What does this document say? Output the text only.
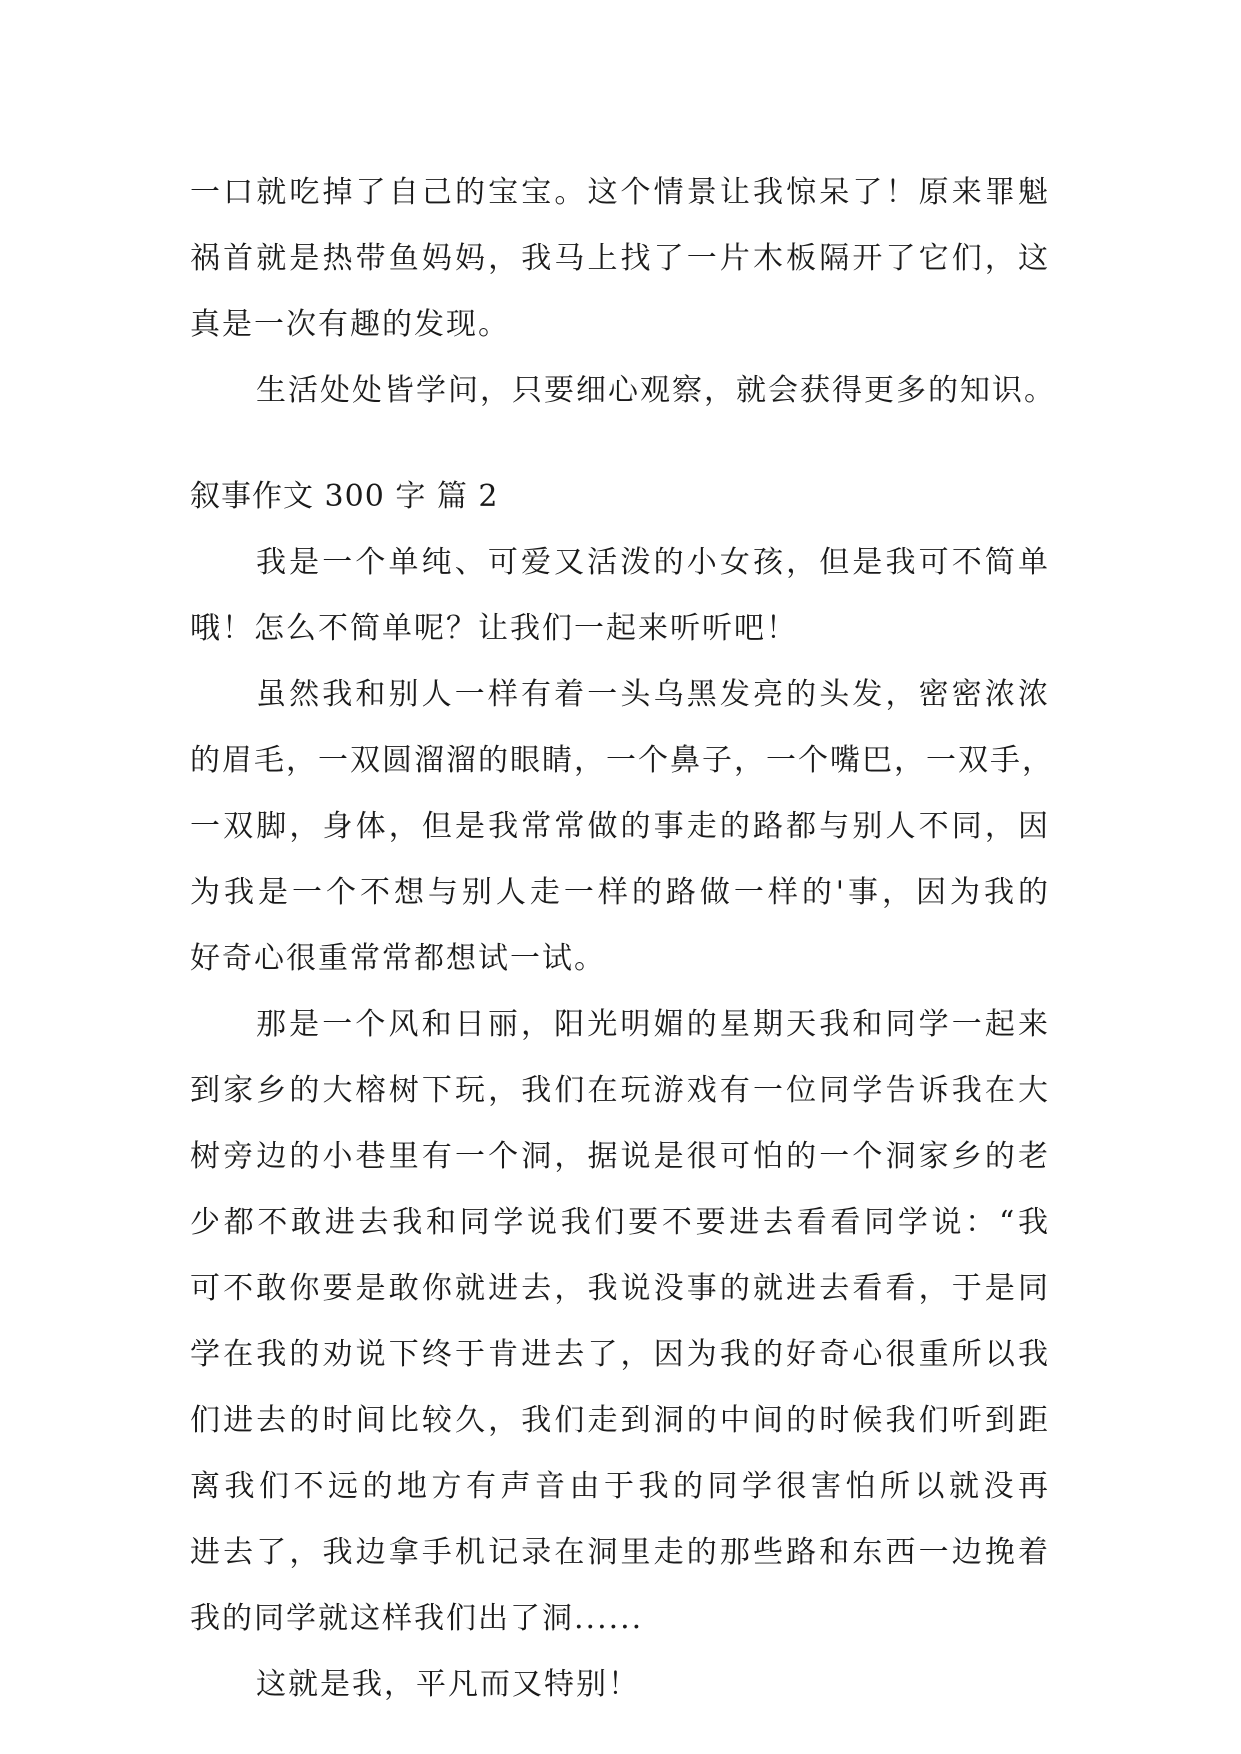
一口就吃掉了自己的宝宝。这个情景让我惊呆了！原来罪魁
祸首就是热带鱼妈妈，我马上找了一片木板隔开了它们，这
真是一次有趣的发现。
生活处处皆学问，只要细心观察，就会获得更多的知识。
叙事作文 300 字 篇 2
我是一个单纯、可爱又活泼的小女孩，但是我可不简单
哦！怎么不简单呢？让我们一起来听听吧！
虽然我和别人一样有着一头乌黑发亮的头发，密密浓浓
的眉毛，一双圆溜溜的眼睛，一个鼻子，一个嘴巴，一双手，
一双脚，身体，但是我常常做的事走的路都与别人不同，因
为我是一个不想与别人走一样的路做一样的'事，因为我的
好奇心很重常常都想试一试。
那是一个风和日丽，阳光明媚的星期天我和同学一起来
到家乡的大榕树下玩，我们在玩游戏有一位同学告诉我在大
树旁边的小巷里有一个洞，据说是很可怕的一个洞家乡的老
少都不敢进去我和同学说我们要不要进去看看同学说：“我
可不敢你要是敢你就进去，我说没事的就进去看看，于是同
学在我的劝说下终于肯进去了，因为我的好奇心很重所以我
们进去的时间比较久，我们走到洞的中间的时候我们听到距
离我们不远的地方有声音由于我的同学很害怕所以就没再
进去了，我边拿手机记录在洞里走的那些路和东西一边挽着
我的同学就这样我们出了洞......
这就是我，平凡而又特别！
